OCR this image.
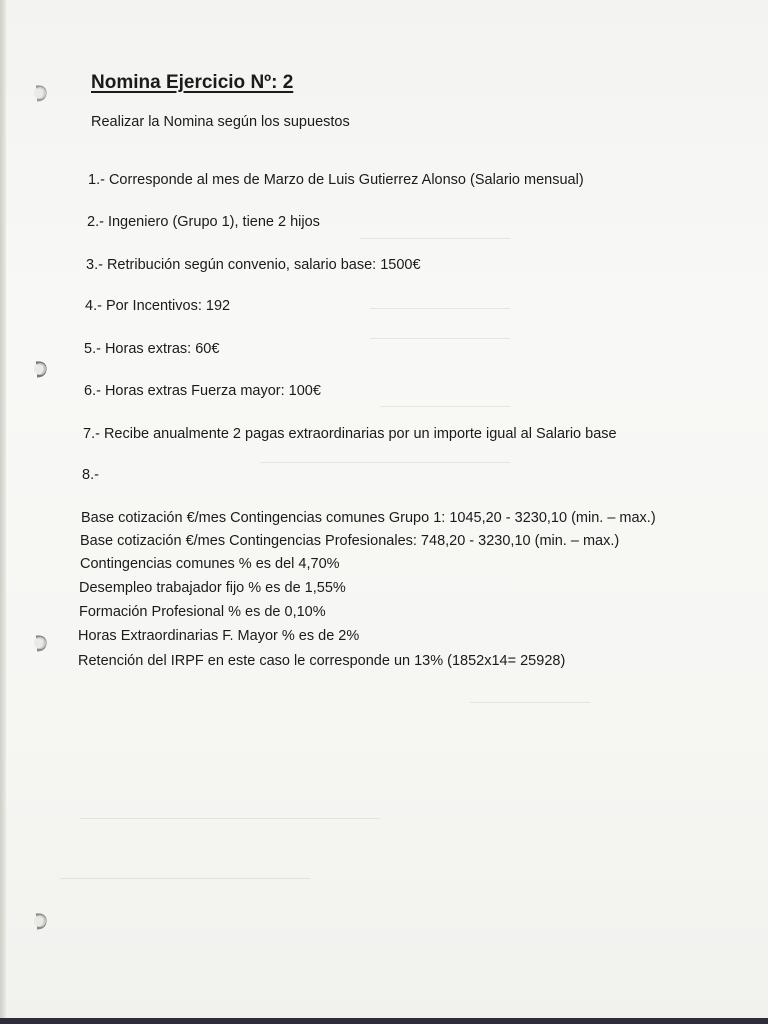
Nomina Ejercicio Nº: 2
Realizar la Nomina según los supuestos
1.- Corresponde al mes de Marzo de Luis Gutierrez Alonso (Salario mensual)
2.- Ingeniero (Grupo 1), tiene 2 hijos
3.- Retribución según convenio, salario base: 1500€
4.- Por Incentivos: 192
5.- Horas extras: 60€
6.- Horas extras Fuerza mayor: 100€
7.- Recibe anualmente 2 pagas extraordinarias por un importe igual al Salario base
8.-
Base cotización €/mes Contingencias comunes Grupo 1: 1045,20 - 3230,10 (min. – max.)
Base cotización €/mes Contingencias Profesionales: 748,20 - 3230,10 (min. – max.)
Contingencias comunes % es del 4,70%
Desempleo trabajador fijo % es de 1,55%
Formación Profesional % es de 0,10%
Horas Extraordinarias F. Mayor % es de 2%
Retención del IRPF en este caso le corresponde un 13% (1852x14= 25928)
